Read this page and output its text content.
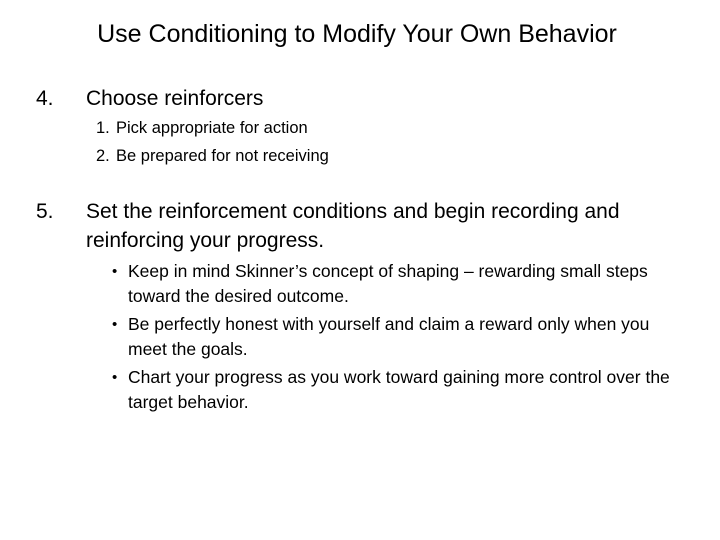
Use Conditioning to Modify Your Own Behavior
4. Choose reinforcers
1. Pick appropriate for action
2. Be prepared for not receiving
5. Set the reinforcement conditions and begin recording and reinforcing your progress.
• Keep in mind Skinner’s concept of shaping – rewarding small steps toward the desired outcome.
• Be perfectly honest with yourself and claim a reward only when you meet the goals.
• Chart your progress as you work toward gaining more control over the target behavior.
